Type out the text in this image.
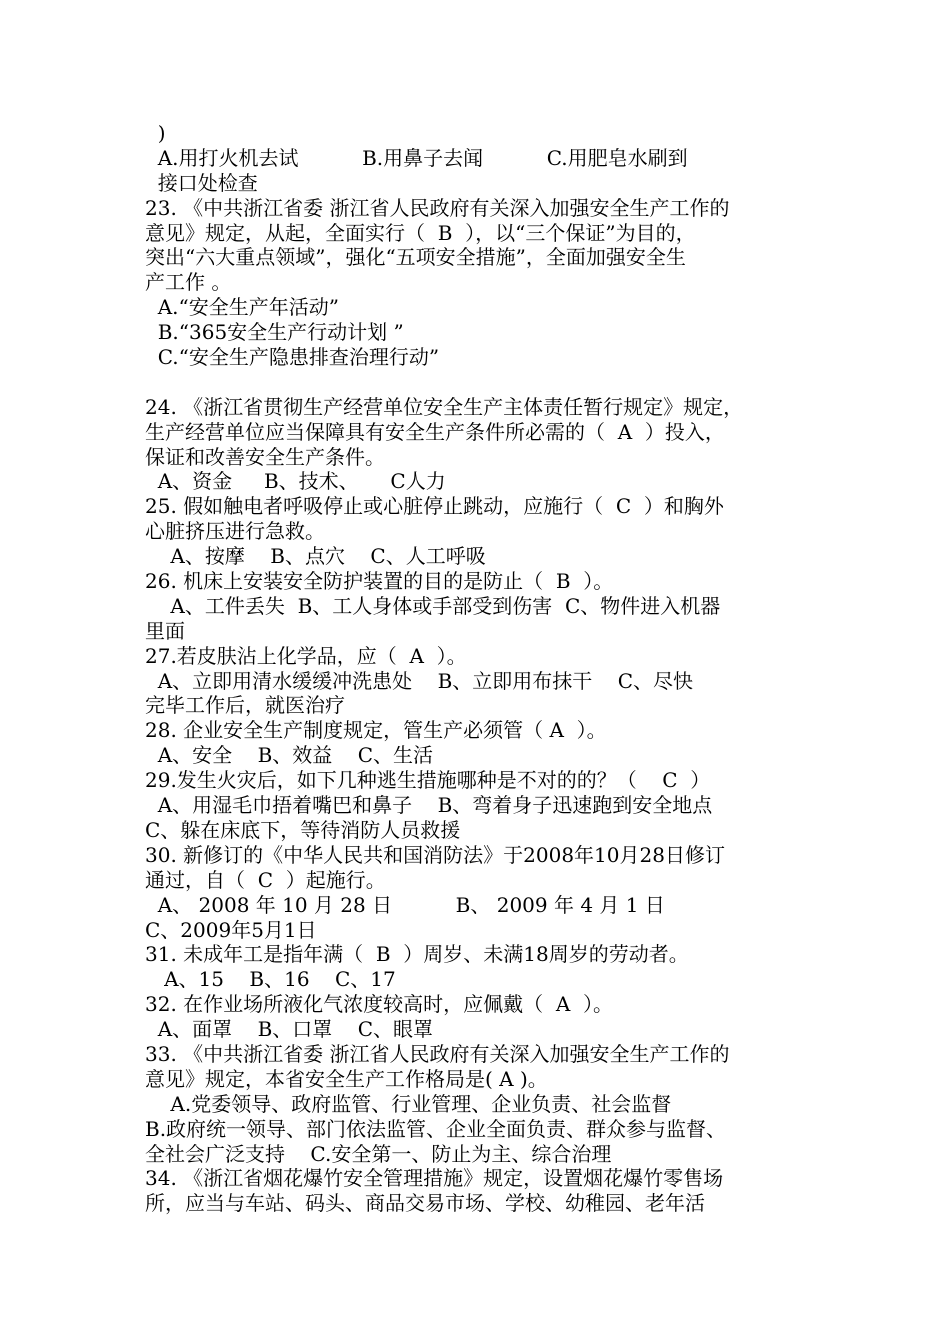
)
A.用打火机去试          B.用鼻子去闻          C.用肥皂水刷到
接口处检查
23. 《中共浙江省委 浙江省人民政府有关深入加强安全生产工作的
意见》规定，从起，全面实行（  B  ），以“三个保证”为目的，
突出“六大重点领域”，强化“五项安全措施”，全面加强安全生
产工作 。
A.“安全生产年活动”
B.“365安全生产行动计划 ”
C.“安全生产隐患排查治理行动”
24. 《浙江省贯彻生产经营单位安全生产主体责任暂行规定》规定，
生产经营单位应当保障具有安全生产条件所必需的（  A  ）投入，
保证和改善安全生产条件。
A、资金     B、技术、     C人力
25. 假如触电者呼吸停止或心脏停止跳动，应施行（  C  ）和胸外
心脏挤压进行急救。
A、按摩    B、点穴    C、人工呼吸
26. 机床上安装安全防护装置的目的是防止（  B  ）。
A、工件丢失  B、工人身体或手部受到伤害  C、物件进入机器
里面
27.若皮肤沾上化学品，应（  A  ）。
A、立即用清水缓缓冲洗患处    B、立即用布抹干    C、尽快
完毕工作后，就医治疗
28. 企业安全生产制度规定，管生产必须管（ A  ）。
A、安全    B、效益    C、生活
29.发生火灾后，如下几种逃生措施哪种是不对的的？（    C  ）
A、用湿毛巾捂着嘴巴和鼻子    B、弯着身子迅速跑到安全地点
C、躲在床底下，等待消防人员救援
30. 新修订的《中华人民共和国消防法》于2008年10月28日修订
通过，自（  C  ）起施行。
A、 2008 年 10 月 28 日          B、 2009 年 4 月 1 日
C、2009年5月1日
31. 未成年工是指年满（  B  ）周岁、未满18周岁的劳动者。
A、15    B、16    C、17
32. 在作业场所液化气浓度较高时，应佩戴（  A  ）。
A、面罩    B、口罩    C、眼罩
33. 《中共浙江省委 浙江省人民政府有关深入加强安全生产工作的
意见》规定，本省安全生产工作格局是( A )。
A.党委领导、政府监管、行业管理、企业负责、社会监督
B.政府统一领导、部门依法监管、企业全面负责、群众参与监督、
全社会广泛支持    C.安全第一、防止为主、综合治理
34. 《浙江省烟花爆竹安全管理措施》规定，设置烟花爆竹零售场
所，应当与车站、码头、商品交易市场、学校、幼稚园、老年活
